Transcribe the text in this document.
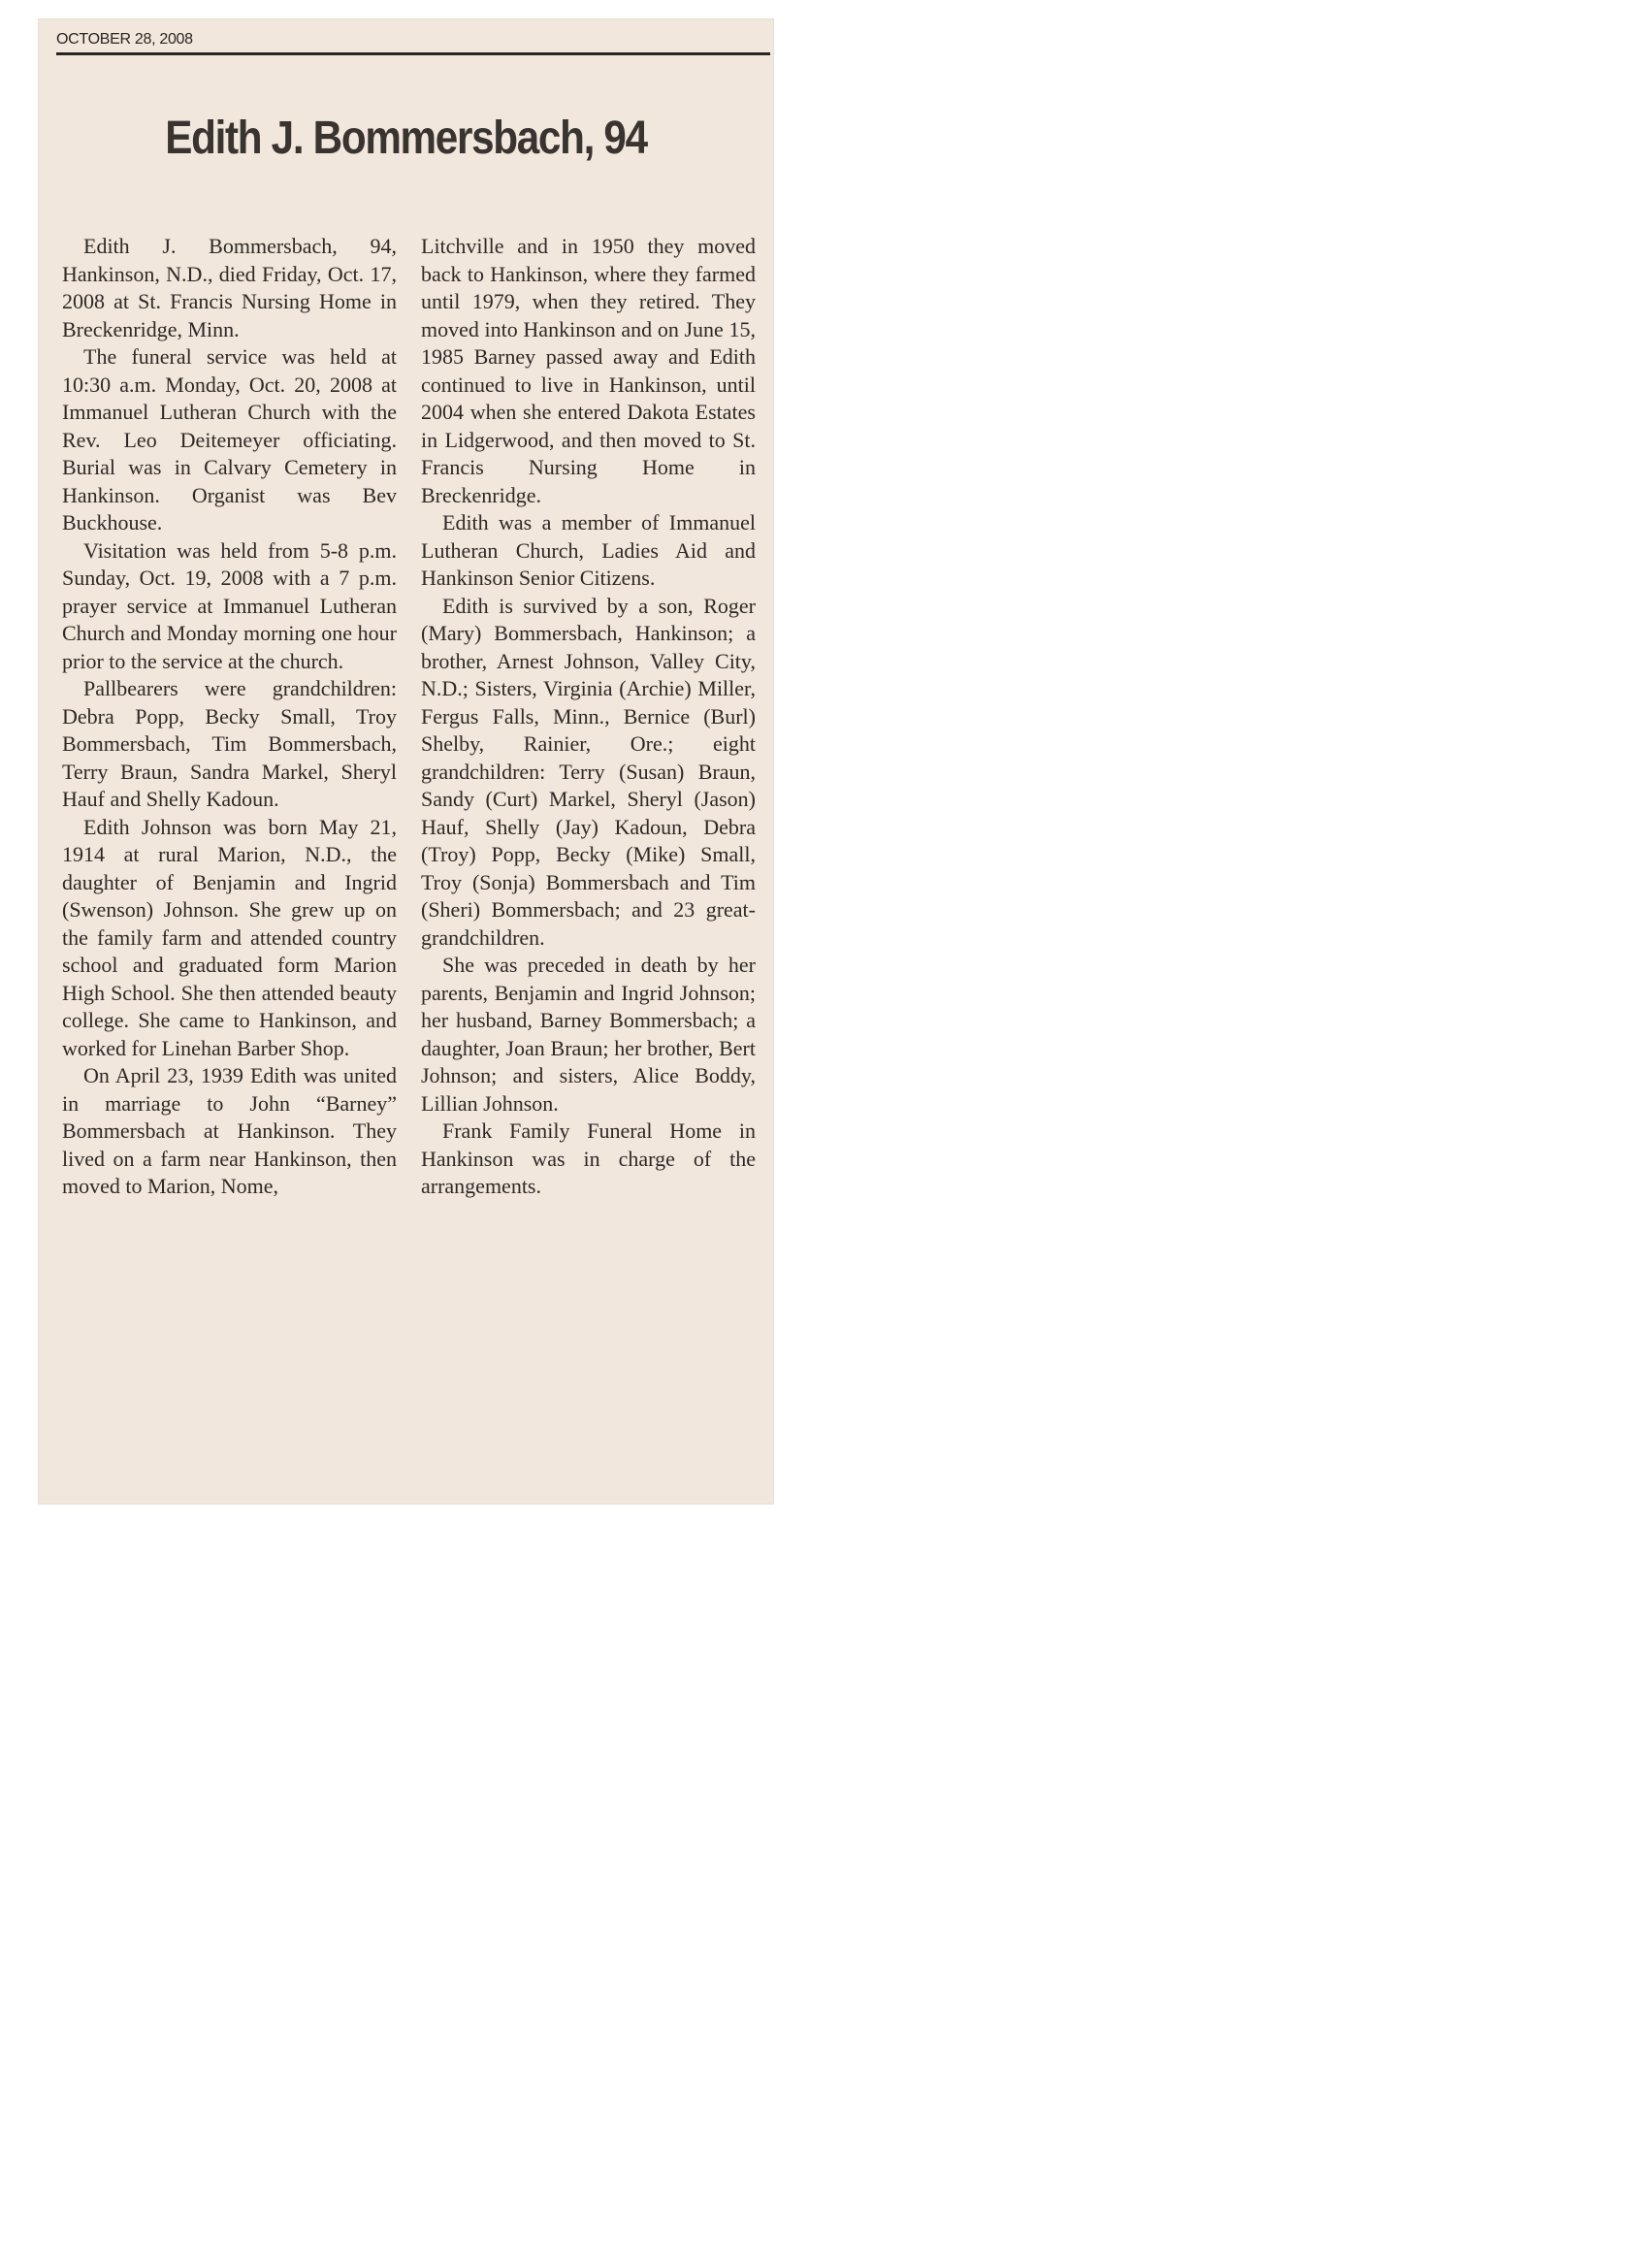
OCTOBER 28, 2008
Edith J. Bommersbach, 94

Edith J. Bommersbach, 94, Hankinson, N.D., died Friday, Oct. 17, 2008 at St. Francis Nursing Home in Breckenridge, Minn.

The funeral service was held at 10:30 a.m. Monday, Oct. 20, 2008 at Immanuel Lutheran Church with the Rev. Leo Deitemeyer officiating. Burial was in Calvary Cemetery in Hankinson. Organist was Bev Buckhouse.

Visitation was held from 5-8 p.m. Sunday, Oct. 19, 2008 with a 7 p.m. prayer service at Immanuel Lutheran Church and Monday morning one hour prior to the service at the church.

Pallbearers were grandchildren: Debra Popp, Becky Small, Troy Bommersbach, Tim Bommersbach, Terry Braun, Sandra Markel, Sheryl Hauf and Shelly Kadoun.

Edith Johnson was born May 21, 1914 at rural Marion, N.D., the daughter of Benjamin and Ingrid (Swenson) Johnson. She grew up on the family farm and attended country school and graduated form Marion High School. She then attended beauty college. She came to Hankinson, and worked for Linehan Barber Shop.

On April 23, 1939 Edith was united in marriage to John “Barney” Bommersbach at Hankinson. They lived on a farm near Hankinson, then moved to Marion, Nome,

Litchville and in 1950 they moved back to Hankinson, where they farmed until 1979, when they retired. They moved into Hankinson and on June 15, 1985 Barney passed away and Edith continued to live in Hankinson, until 2004 when she entered Dakota Estates in Lidgerwood, and then moved to St. Francis Nursing Home in Breckenridge.

Edith was a member of Immanuel Lutheran Church, Ladies Aid and Hankinson Senior Citizens.

Edith is survived by a son, Roger (Mary) Bommersbach, Hankinson; a brother, Arnest Johnson, Valley City, N.D.; Sisters, Virginia (Archie) Miller, Fergus Falls, Minn., Bernice (Burl) Shelby, Rainier, Ore.; eight grandchildren: Terry (Susan) Braun, Sandy (Curt) Markel, Sheryl (Jason) Hauf, Shelly (Jay) Kadoun, Debra (Troy) Popp, Becky (Mike) Small, Troy (Sonja) Bommersbach and Tim (Sheri) Bommersbach; and 23 great-grandchildren.

She was preceded in death by her parents, Benjamin and Ingrid Johnson; her husband, Barney Bommersbach; a daughter, Joan Braun; her brother, Bert Johnson; and sisters, Alice Boddy, Lillian Johnson.

Frank Family Funeral Home in Hankinson was in charge of the arrangements.
